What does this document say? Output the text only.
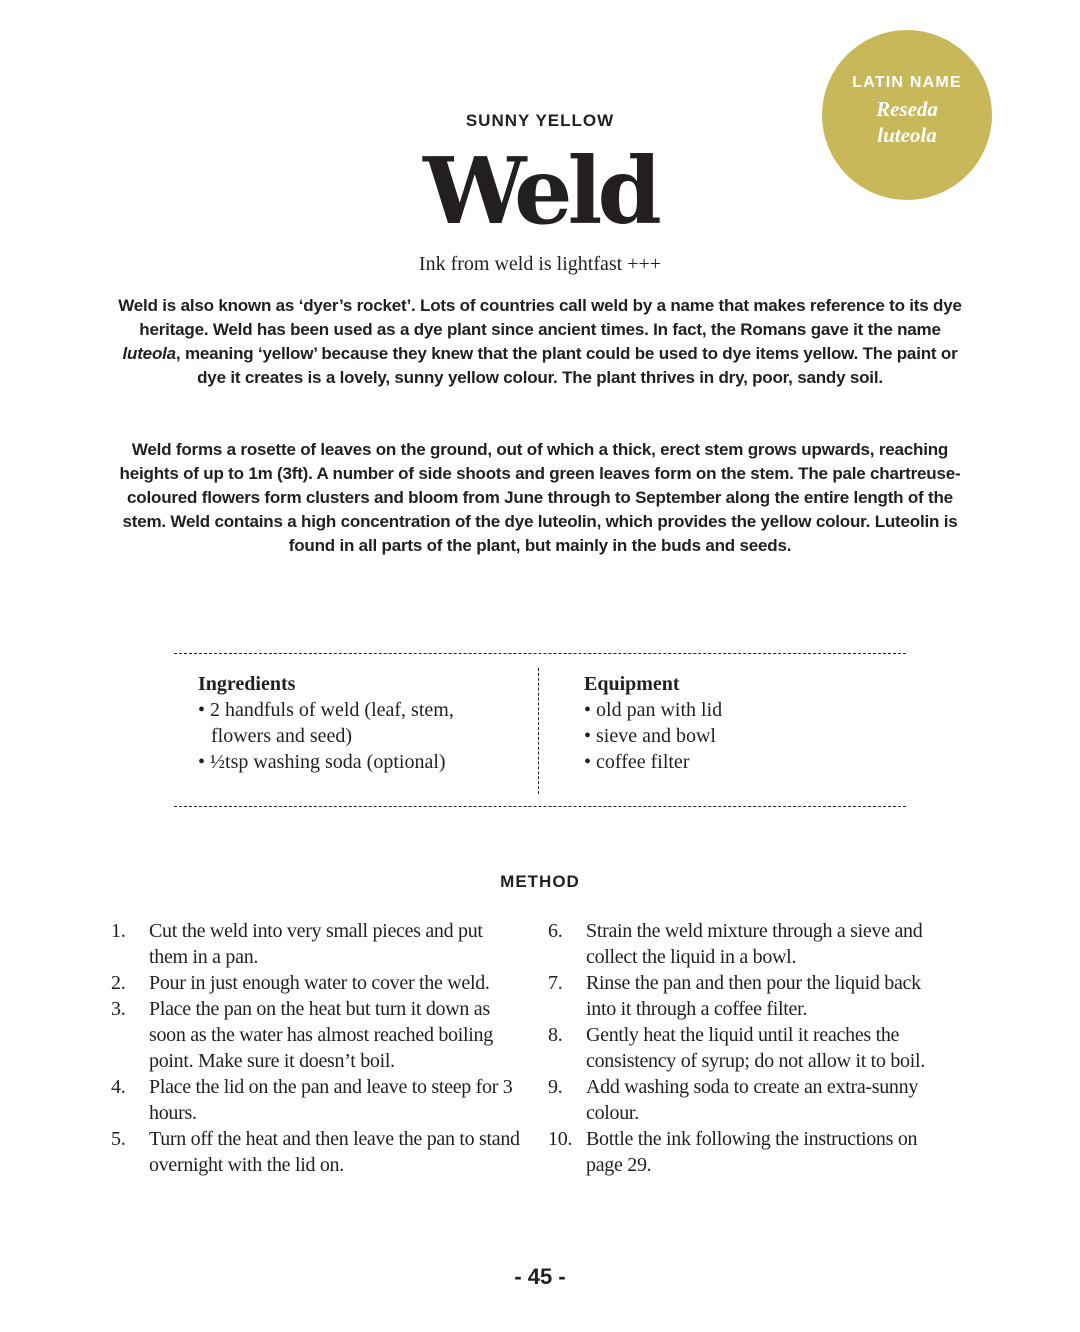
LATIN NAME
Reseda
luteola
SUNNY YELLOW
Weld
Ink from weld is lightfast +++

Weld is also known as ‘dyer’s rocket’. Lots of countries call weld by a name that makes reference to its dye heritage. Weld has been used as a dye plant since ancient times. In fact, the Romans gave it the name luteola, meaning ‘yellow’ because they knew that the plant could be used to dye items yellow. The paint or dye it creates is a lovely, sunny yellow colour. The plant thrives in dry, poor, sandy soil.

Weld forms a rosette of leaves on the ground, out of which a thick, erect stem grows upwards, reaching heights of up to 1m (3ft). A number of side shoots and green leaves form on the stem. The pale chartreuse-coloured flowers form clusters and bloom from June through to September along the entire length of the stem. Weld contains a high concentration of the dye luteolin, which provides the yellow colour. Luteolin is found in all parts of the plant, but mainly in the buds and seeds.

Ingredients
• 2 handfuls of weld (leaf, stem, flowers and seed)
• ½tsp washing soda (optional)
Equipment
• old pan with lid
• sieve and bowl
• coffee filter
METHOD
1. Cut the weld into very small pieces and put them in a pan.
2. Pour in just enough water to cover the weld.
3. Place the pan on the heat but turn it down as soon as the water has almost reached boiling point. Make sure it doesn’t boil.
4. Place the lid on the pan and leave to steep for 3 hours.
5. Turn off the heat and then leave the pan to stand overnight with the lid on.
6. Strain the weld mixture through a sieve and collect the liquid in a bowl.
7. Rinse the pan and then pour the liquid back into it through a coffee filter.
8. Gently heat the liquid until it reaches the consistency of syrup; do not allow it to boil.
9. Add washing soda to create an extra-sunny colour.
10. Bottle the ink following the instructions on page 29.
- 45 -
